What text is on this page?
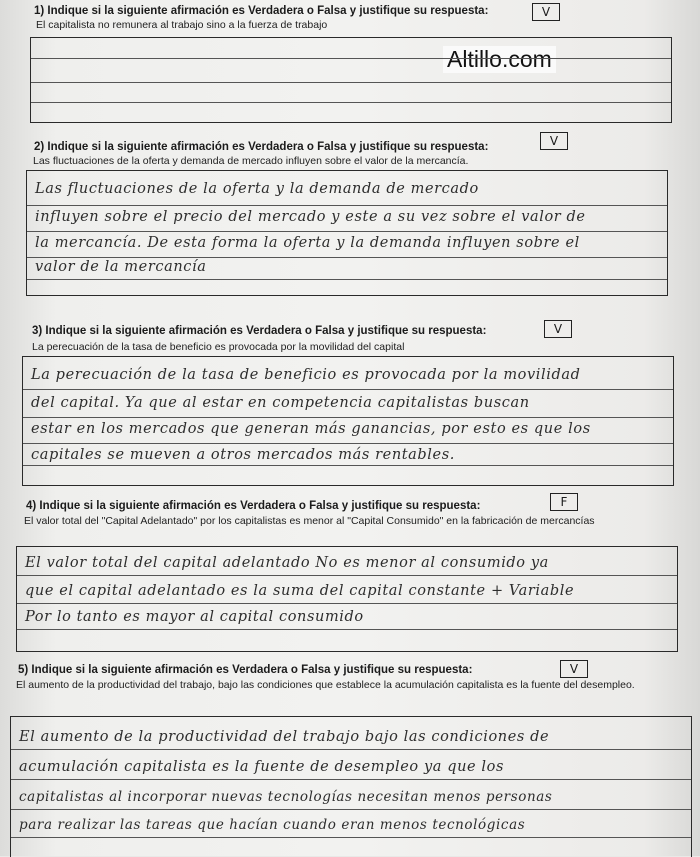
Altillo.com
1) Indique si la siguiente afirmación es Verdadera o Falsa y justifique su respuesta:	V
El capitalista no remunera al trabajo sino a la fuerza de trabajo
2) Indique si la siguiente afirmación es Verdadera o Falsa y justifique su respuesta:	V
Las fluctuaciones de la oferta y demanda de mercado influyen sobre el valor de la mercancía.
Las fluctuaciones de la oferta y la demanda de mercado
influyen sobre el precio del mercado y este a su vez sobre el valor de
la mercancía. De esta forma la oferta y la demanda influyen sobre el
valor de la mercancía
3) Indique si la siguiente afirmación es Verdadera o Falsa y justifique su respuesta:	V
La perecuación de la tasa de beneficio es provocada por la movilidad del capital
La perecuación de la tasa de beneficio es provocada por la movilidad
del capital. Ya que al estar en competencia capitalistas buscan
estar en los mercados que generan más ganancias, por esto es que los
capitales se mueven a otros mercados más rentables.
4) Indique si la siguiente afirmación es Verdadera o Falsa y justifique su respuesta:	F
El valor total del "Capital Adelantado" por los capitalistas es menor al "Capital Consumido" en la fabricación de mercancías
El valor total del capital adelantado No es menor al consumido ya
que el capital adelantado es la suma del capital constante + Variable
Por lo tanto es mayor al capital consumido
5) Indique si la siguiente afirmación es Verdadera o Falsa y justifique su respuesta:	V
El aumento de la productividad del trabajo, bajo las condiciones que establece la acumulación capitalista es la fuente del desempleo.
El aumento de la productividad del trabajo bajo las condiciones de
acumulación capitalista es la fuente de desempleo ya que los
capitalistas al incorporar nuevas tecnologías necesitan menos personas
para realizar las tareas que hacían cuando eran menos tecnológicas
